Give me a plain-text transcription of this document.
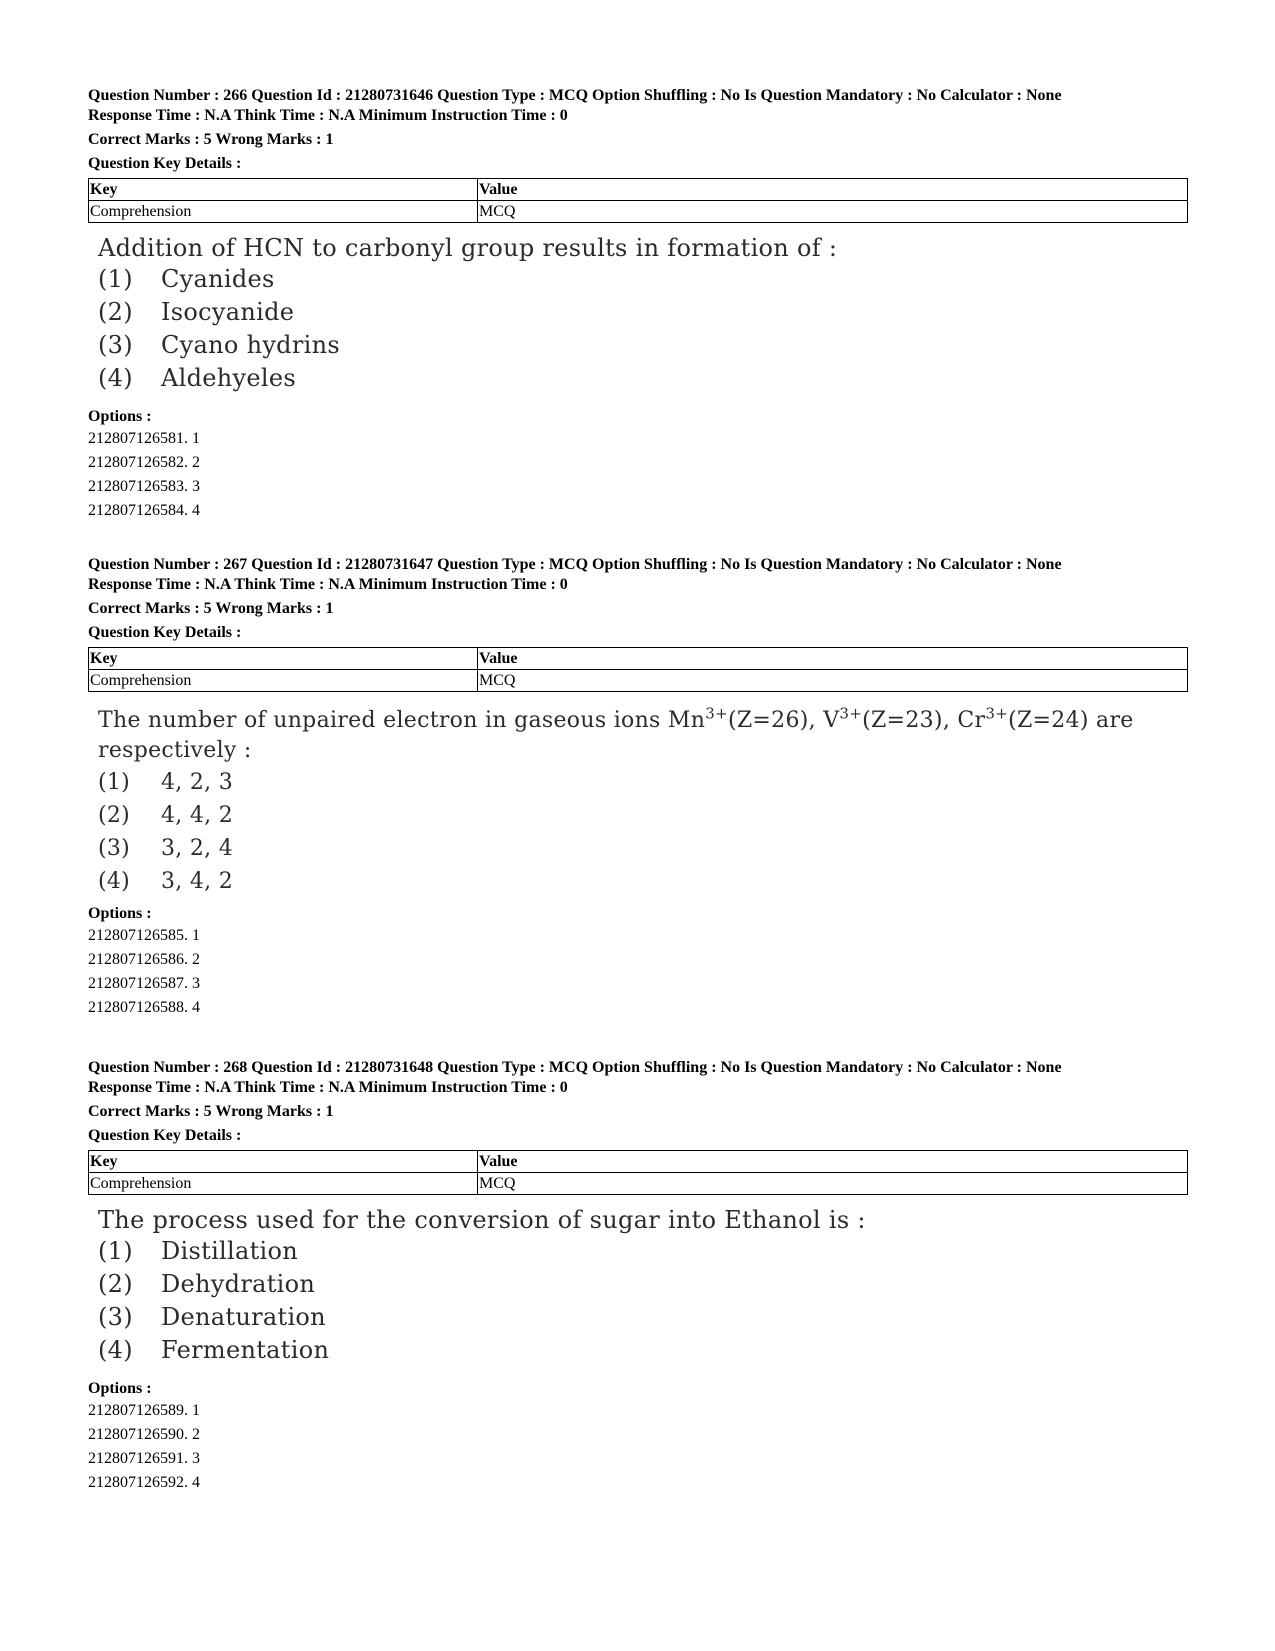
Question Number : 266 Question Id : 21280731646 Question Type : MCQ Option Shuffling : No Is Question Mandatory : No Calculator : None
Response Time : N.A Think Time : N.A Minimum Instruction Time : 0
Correct Marks : 5 Wrong Marks : 1
Question Key Details :
Key	Value
Comprehension	MCQ
Addition of HCN to carbonyl group results in formation of :
(1)	Cyanides
(2)	Isocyanide
(3)	Cyano hydrins
(4)	Aldehyeles
Options :
212807126581. 1
212807126582. 2
212807126583. 3
212807126584. 4
Question Number : 267 Question Id : 21280731647 Question Type : MCQ Option Shuffling : No Is Question Mandatory : No Calculator : None
Response Time : N.A Think Time : N.A Minimum Instruction Time : 0
Correct Marks : 5 Wrong Marks : 1
Question Key Details :
Key	Value
Comprehension	MCQ
The number of unpaired electron in gaseous ions $Mn^{3+}(Z=26)$, $V^{3+}(Z=23)$, $Cr^{3+}(Z=24)$ are
respectively :
(1)	4, 2, 3
(2)	4, 4, 2
(3)	3, 2, 4
(4)	3, 4, 2
Options :
212807126585. 1
212807126586. 2
212807126587. 3
212807126588. 4
Question Number : 268 Question Id : 21280731648 Question Type : MCQ Option Shuffling : No Is Question Mandatory : No Calculator : None
Response Time : N.A Think Time : N.A Minimum Instruction Time : 0
Correct Marks : 5 Wrong Marks : 1
Question Key Details :
Key	Value
Comprehension	MCQ
The process used for the conversion of sugar into Ethanol is :
(1)	Distillation
(2)	Dehydration
(3)	Denaturation
(4)	Fermentation
Options :
212807126589. 1
212807126590. 2
212807126591. 3
212807126592. 4
